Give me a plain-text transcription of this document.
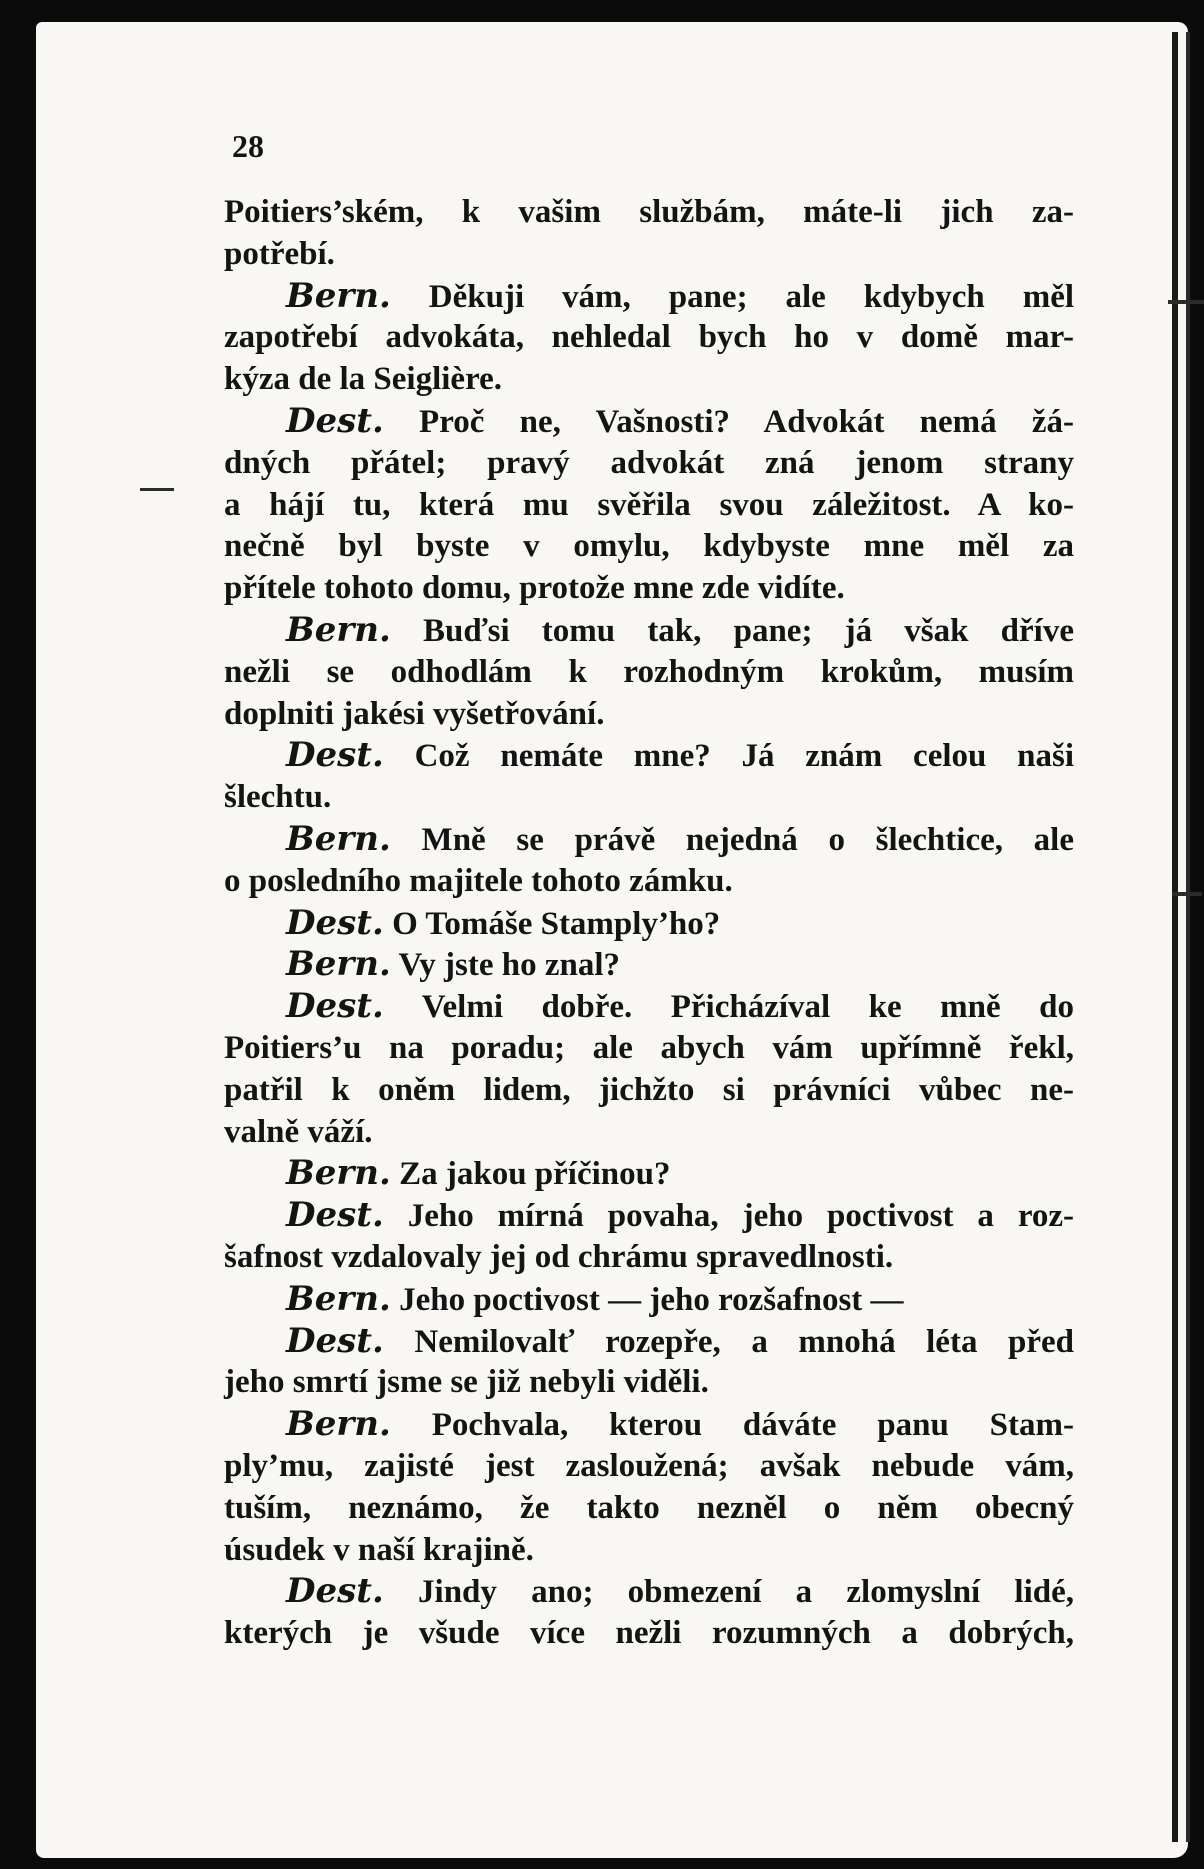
28
Poitiers’ském, k vašim službám, máte-li jich za-
potřebí.
Bern. Děkuji vám, pane; ale kdybych měl
zapotřebí advokáta, nehledal bych ho v domě mar-
kýza de la Seiglière.
Dest. Proč ne, Vašnosti? Advokát nemá žá-
dných přátel; pravý advokát zná jenom strany
a hájí tu, která mu svěřila svou záležitost. A ko-
nečně byl byste v omylu, kdybyste mne měl za
přítele tohoto domu, protože mne zde vidíte.
Bern. Buďsi tomu tak, pane; já však dříve
nežli se odhodlám k rozhodným krokům, musím
doplniti jakési vyšetřování.
Dest. Což nemáte mne? Já znám celou naši
šlechtu.
Bern. Mně se právě nejedná o šlechtice, ale
o posledního majitele tohoto zámku.
Dest. O Tomáše Stamply’ho?
Bern. Vy jste ho znal?
Dest. Velmi dobře. Přicházíval ke mně do
Poitiers’u na poradu; ale abych vám upřímně řekl,
patřil k oněm lidem, jichžto si právníci vůbec ne-
valně váží.
Bern. Za jakou příčinou?
Dest. Jeho mírná povaha, jeho poctivost a roz-
šafnost vzdalovaly jej od chrámu spravedlnosti.
Bern. Jeho poctivost — jeho rozšafnost —
Dest. Nemilovalť rozepře, a mnohá léta před
jeho smrtí jsme se již nebyli viděli.
Bern. Pochvala, kterou dáváte panu Stam-
ply’mu, zajisté jest zasloužená; avšak nebude vám,
tuším, neznámo, že takto nezněl o něm obecný
úsudek v naší krajině.
Dest. Jindy ano; obmezení a zlomyslní lidé,
kterých je všude více nežli rozumných a dobrých,
